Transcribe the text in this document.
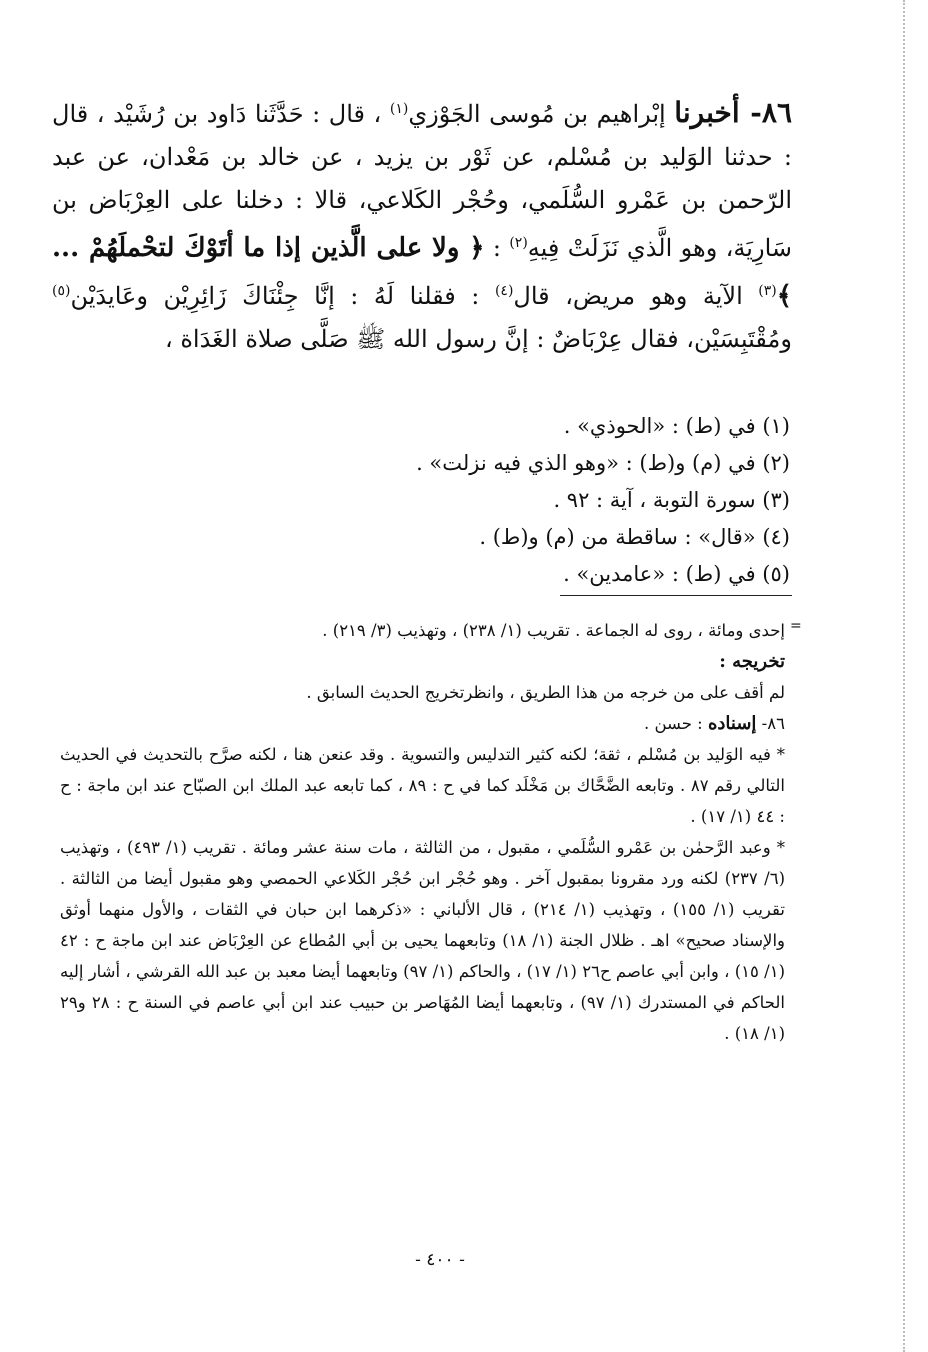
=

٨٦- أخبرنا إبْراهيم بن مُوسى الجَوْزي$^{(١)}$ ، قال : حَدَّثَنا دَاود بن رُشَيْد ، قال : حدثنا الوَليد بن مُسْلم، عن ثَوْر بن يزيد ، عن خالد بن مَعْدان، عن عبد الرّحمن بن عَمْرو السُّلَمي، وحُجْر الكَلاعي، قالا : دخلنا على العِرْبَاض بن سَارِيَة، وهو الَّذي نَزَلَتْ فِيهِ$^{(٢)}$ : ﴿ ولا على الَّذين إذا ما أتَوْكَ لتحْملَهُمْ ... ﴾$^{(٣)}$ الآية وهو مريض، قال$^{(٤)}$ : فقلنا لَهُ : إنَّا جِئْنَاكَ زَائِرِيْن وعَايدَيْن$^{(٥)}$ ومُقْتَبِسَيْن، فقال عِرْبَاضٌ : إنَّ رسول الله ﷺ صَلَّى صلاة الغَدَاة ،

(١) في (ط) : «الحوذي» .
(٢) في (م) و(ط) : «وهو الذي فيه نزلت» .
(٣) سورة التوبة ، آية : ٩٢ .
(٤) «قال» : ساقطة من (م) و(ط) .
(٥) في (ط) : «عامدين» .

إحدى ومائة ، روى له الجماعة . تقريب (١/ ٢٣٨) ، وتهذيب (٣/ ٢١٩) .

تخريجه :

لم أقف على من خرجه من هذا الطريق ، وانظرتخريج الحديث السابق .

٨٦- إسناده : حسن .

* فيه الوَليد بن مُسْلم ، ثقة؛ لكنه كثير التدليس والتسوية . وقد عنعن هنا ، لكنه صرَّح بالتحديث في الحديث التالي رقم ٨٧ . وتابعه الضَّحَّاك بن مَخْلَد كما في ح : ٨٩ ، كما تابعه عبد الملك ابن الصبّاح عند ابن ماجة : ح : ٤٤ (١/ ١٧) .

* وعبد الرَّحمٰن بن عَمْرو السُّلَمي ، مقبول ، من الثالثة ، مات سنة عشر ومائة . تقريب (١/ ٤٩٣) ، وتهذيب (٦/ ٢٣٧) لكنه ورد مقرونا بمقبول آخر . وهو حُجْر ابن حُجْر الكَلاعي الحمصي وهو مقبول أيضا من الثالثة . تقريب (١/ ١٥٥) ، وتهذيب (١/ ٢١٤) ، قال الألباني : «ذكرهما ابن حبان في الثقات ، والأول منهما أوثق والإسناد صحيح» اهـ . ظلال الجنة (١/ ١٨) وتابعهما يحيى بن أبي المُطاع عن العِرْبَاض عند ابن ماجة ح : ٤٢ (١/ ١٥) ، وابن أبي عاصم ح٢٦ (١/ ١٧) ، والحاكم (١/ ٩٧) وتابعهما أيضا معبد بن عبد الله القرشي ، أشار إليه الحاكم في المستدرك (١/ ٩٧) ، وتابعهما أيضا المُهَاصر بن حبيب عند ابن أبي عاصم في السنة ح : ٢٨ و٢٩ (١/ ١٨) .

- ٤٠٠ -
